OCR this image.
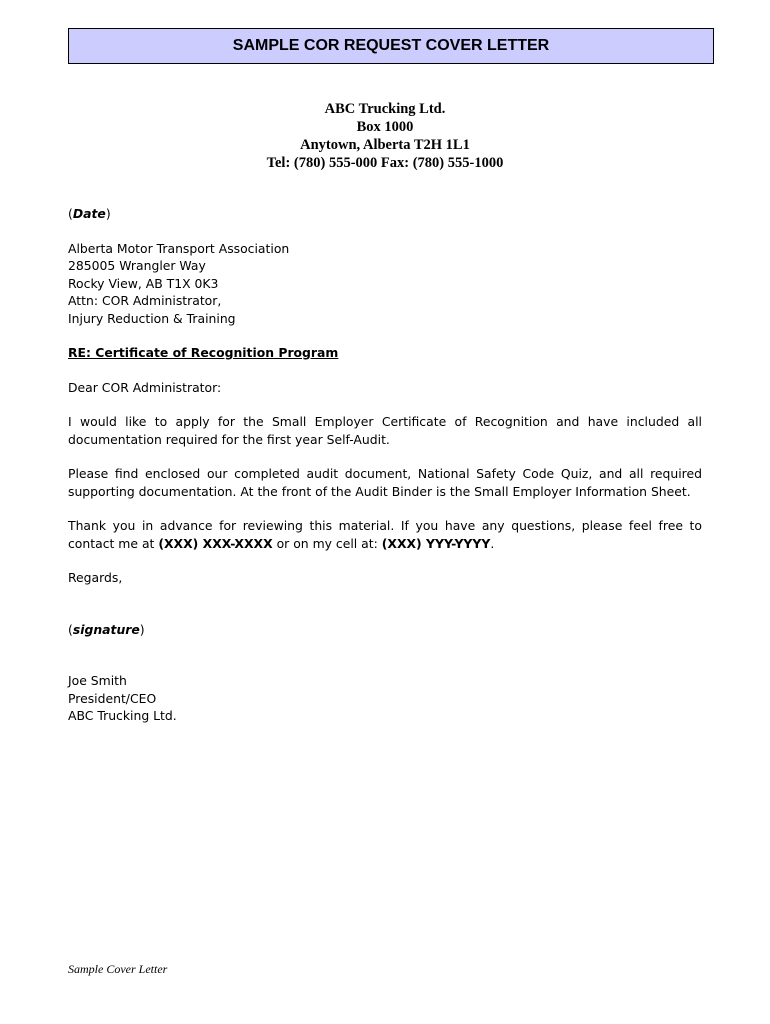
SAMPLE COR REQUEST COVER LETTER
ABC Trucking Ltd.
Box 1000
Anytown, Alberta T2H 1L1
Tel: (780) 555-000 Fax: (780) 555-1000
(Date)
Alberta Motor Transport Association
285005 Wrangler Way
Rocky View, AB T1X 0K3
Attn: COR Administrator,
Injury Reduction & Training
RE: Certificate of Recognition Program
Dear COR Administrator:
I would like to apply for the Small Employer Certificate of Recognition and have included all documentation required for the first year Self-Audit.
Please find enclosed our completed audit document, National Safety Code Quiz, and all required supporting documentation. At the front of the Audit Binder is the Small Employer Information Sheet.
Thank you in advance for reviewing this material. If you have any questions, please feel free to contact me at (XXX) XXX-XXXX or on my cell at: (XXX) YYY-YYYY.
Regards,
(signature)
Joe Smith
President/CEO
ABC Trucking Ltd.
Sample Cover Letter
